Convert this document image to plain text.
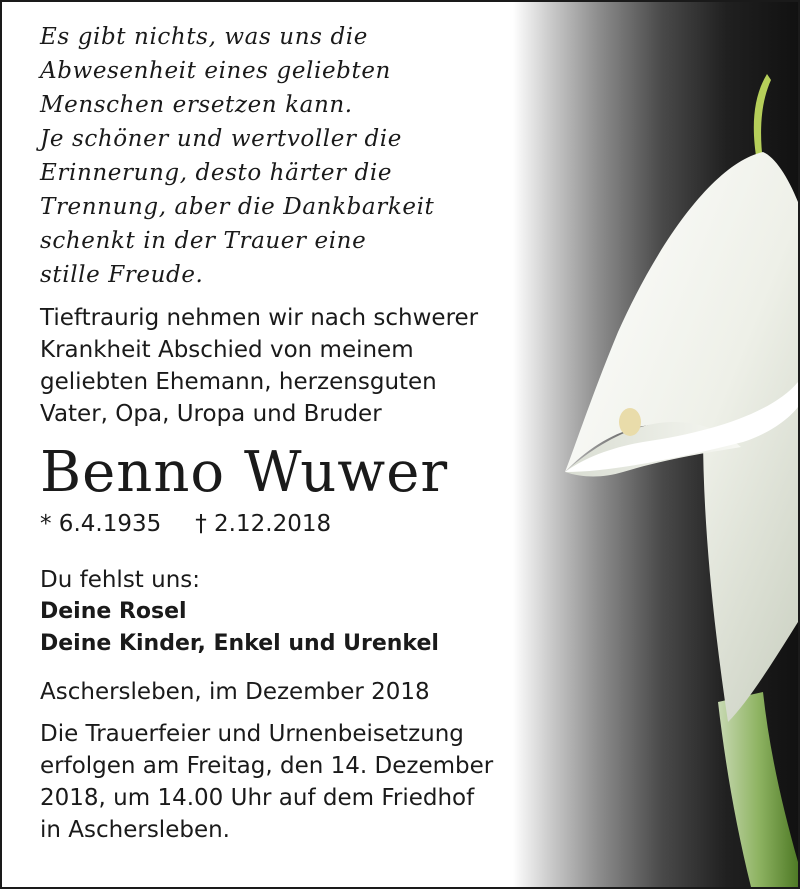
Es gibt nichts, was uns die
Abwesenheit eines geliebten
Menschen ersetzen kann.
Je schöner und wertvoller die
Erinnerung, desto härter die
Trennung, aber die Dankbarkeit
schenkt in der Trauer eine
stille Freude.
Tieftraurig nehmen wir nach schwerer
Krankheit Abschied von meinem
geliebten Ehemann, herzensguten
Vater, Opa, Uropa und Bruder
Benno Wuwer
* 6.4.1935 † 2.12.2018
Du fehlst uns:
Deine Rosel
Deine Kinder, Enkel und Urenkel
Aschersleben, im Dezember 2018
Die Trauerfeier und Urnenbeisetzung
erfolgen am Freitag, den 14. Dezember
2018, um 14.00 Uhr auf dem Friedhof
in Aschersleben.
